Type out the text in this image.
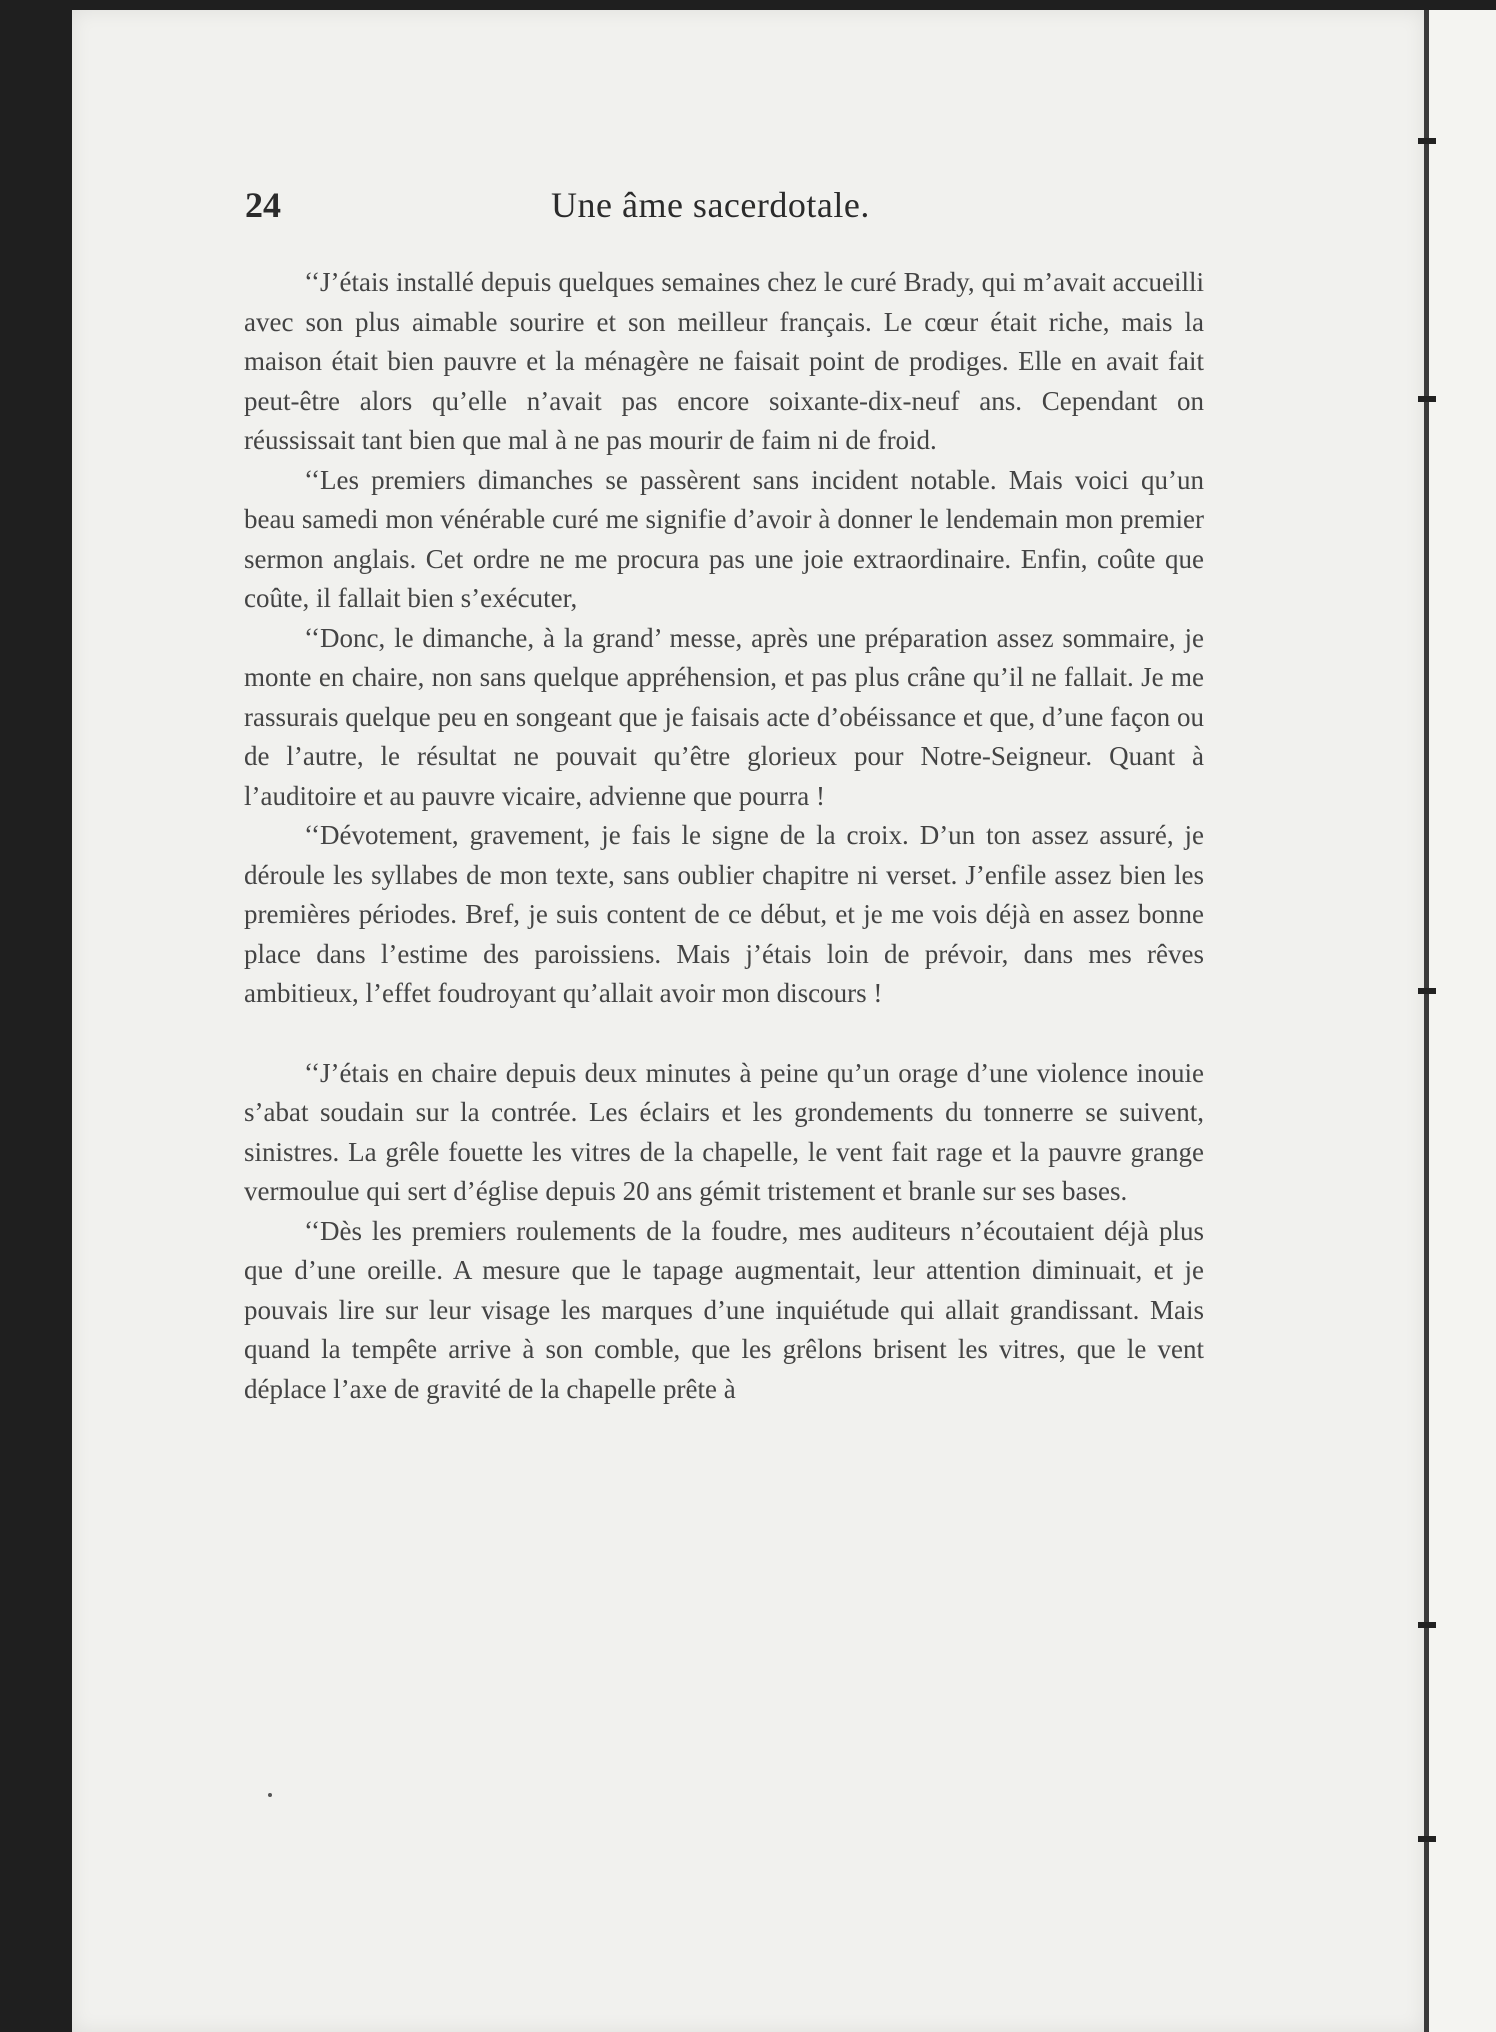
24	Une âme sacerdotale.

‘‘J’étais installé depuis quelques semaines chez le curé Brady, qui m’avait accueilli avec son plus aimable sourire et son meilleur français. Le cœur était riche, mais la maison était bien pauvre et la ménagère ne faisait point de prodiges. Elle en avait fait peut-être alors qu’elle n’avait pas encore soixante-dix-neuf ans. Cependant on réussissait tant bien que mal à ne pas mourir de faim ni de froid.

‘‘Les premiers dimanches se passèrent sans incident notable. Mais voici qu’un beau samedi mon vénérable curé me signifie d’avoir à donner le lendemain mon premier sermon anglais. Cet ordre ne me procura pas une joie extraordinaire. Enfin, coûte que coûte, il fallait bien s’exécuter,

‘‘Donc, le dimanche, à la grand’ messe, après une préparation assez sommaire, je monte en chaire, non sans quelque appréhension, et pas plus crâne qu’il ne fallait. Je me rassurais quelque peu en songeant que je faisais acte d’obéissance et que, d’une façon ou de l’autre, le résultat ne pouvait qu’être glorieux pour Notre-Seigneur. Quant à l’auditoire et au pauvre vicaire, advienne que pourra !

‘‘Dévotement, gravement, je fais le signe de la croix. D’un ton assez assuré, je déroule les syllabes de mon texte, sans oublier chapitre ni verset. J’enfile assez bien les premières périodes. Bref, je suis content de ce début, et je me vois déjà en assez bonne place dans l’estime des paroissiens. Mais j’étais loin de prévoir, dans mes rêves ambitieux, l’effet foudroyant qu’allait avoir mon discours !

‘‘J’étais en chaire depuis deux minutes à peine qu’un orage d’une violence inouie s’abat soudain sur la contrée. Les éclairs et les grondements du tonnerre se suivent, sinistres. La grêle fouette les vitres de la chapelle, le vent fait rage et la pauvre grange vermoulue qui sert d’église depuis 20 ans gémit tristement et branle sur ses bases.

‘‘Dès les premiers roulements de la foudre, mes auditeurs n’écoutaient déjà plus que d’une oreille. A mesure que le tapage augmentait, leur attention diminuait, et je pouvais lire sur leur visage les marques d’une inquiétude qui allait grandissant. Mais quand la tempête arrive à son comble, que les grêlons brisent les vitres, que le vent déplace l’axe de gravité de la chapelle prête à
